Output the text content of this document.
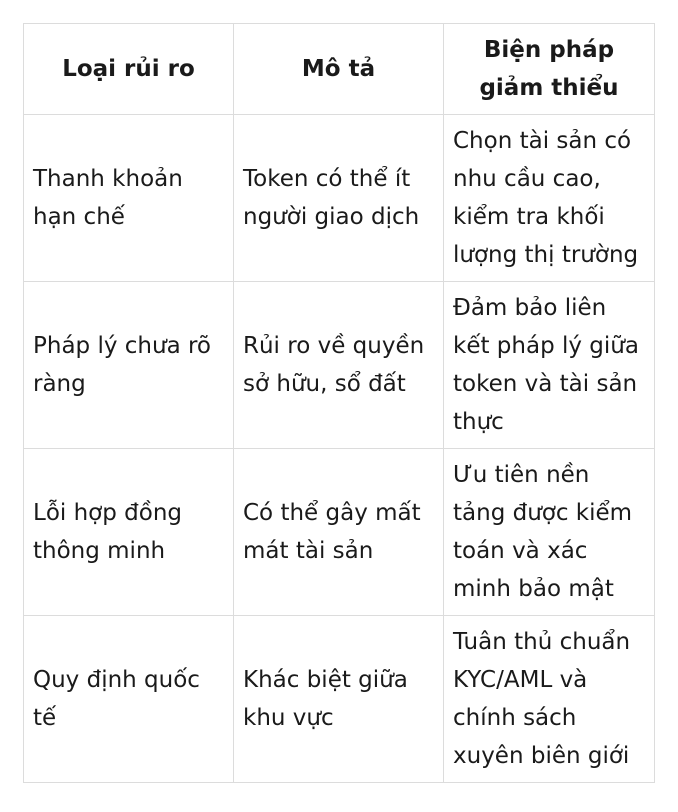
Loại rủi ro	Mô tả	Biện pháp giảm thiểu
Thanh khoản hạn chế	Token có thể ít người giao dịch	Chọn tài sản có nhu cầu cao, kiểm tra khối lượng thị trường
Pháp lý chưa rõ ràng	Rủi ro về quyền sở hữu, sổ đất	Đảm bảo liên kết pháp lý giữa token và tài sản thực
Lỗi hợp đồng thông minh	Có thể gây mất mát tài sản	Ưu tiên nền tảng được kiểm toán và xác minh bảo mật
Quy định quốc tế	Khác biệt giữa khu vực	Tuân thủ chuẩn KYC/AML và chính sách xuyên biên giới
